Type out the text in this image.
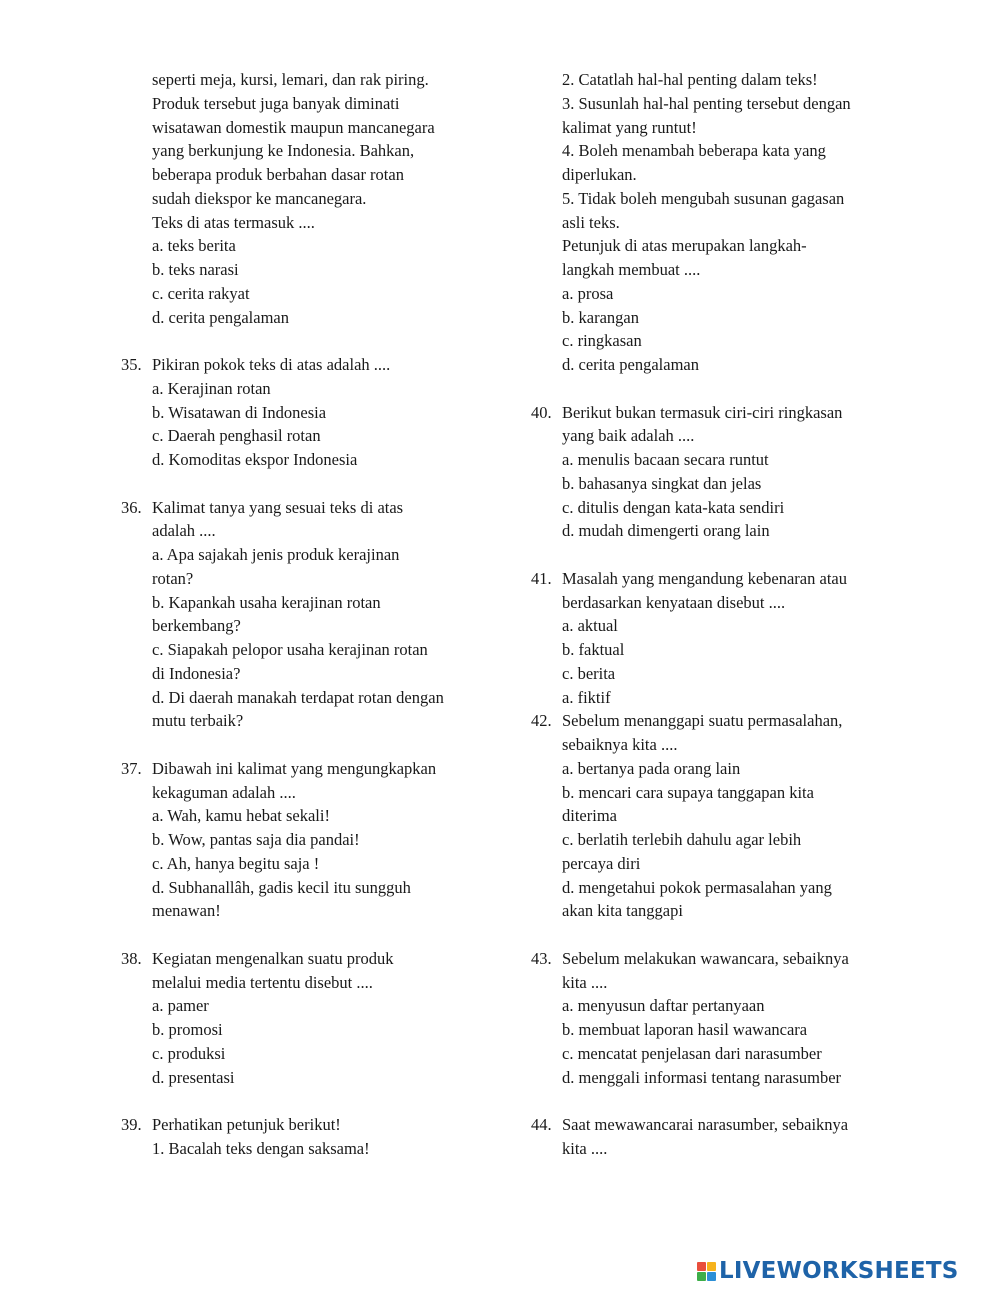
seperti meja, kursi, lemari, dan rak piring.
Produk tersebut juga banyak diminati
wisatawan domestik maupun mancanegara
yang berkunjung ke Indonesia. Bahkan,
beberapa produk berbahan dasar rotan
sudah diekspor ke mancanegara.
Teks di atas termasuk ....
a. teks berita
b. teks narasi
c. cerita rakyat
d. cerita pengalaman
35. Pikiran pokok teks di atas adalah ....
a. Kerajinan rotan
b. Wisatawan di Indonesia
c. Daerah penghasil rotan
d. Komoditas ekspor Indonesia
36. Kalimat tanya yang sesuai teks di atas
adalah ....
a. Apa sajakah jenis produk kerajinan
rotan?
b. Kapankah usaha kerajinan rotan
berkembang?
c. Siapakah pelopor usaha kerajinan rotan
di Indonesia?
d. Di daerah manakah terdapat rotan dengan
mutu terbaik?
37. Dibawah ini kalimat yang mengungkapkan
kekaguman adalah ....
a. Wah, kamu hebat sekali!
b. Wow, pantas saja dia pandai!
c. Ah, hanya begitu saja !
d. Subhanallâh, gadis kecil itu sungguh
menawan!
38. Kegiatan mengenalkan suatu produk
melalui media tertentu disebut ....
a. pamer
b. promosi
c. produksi
d. presentasi
39. Perhatikan petunjuk berikut!
1. Bacalah teks dengan saksama!
2. Catatlah hal-hal penting dalam teks!
3. Susunlah hal-hal penting tersebut dengan
kalimat yang runtut!
4. Boleh menambah beberapa kata yang
diperlukan.
5. Tidak boleh mengubah susunan gagasan
asli teks.
Petunjuk di atas merupakan langkah-
langkah membuat ....
a. prosa
b. karangan
c. ringkasan
d. cerita pengalaman
40. Berikut bukan termasuk ciri-ciri ringkasan
yang baik adalah ....
a. menulis bacaan secara runtut
b. bahasanya singkat dan jelas
c. ditulis dengan kata-kata sendiri
d. mudah dimengerti orang lain
41. Masalah yang mengandung kebenaran atau
berdasarkan kenyataan disebut ....
a. aktual
b. faktual
c. berita
a. fiktif
42. Sebelum menanggapi suatu permasalahan,
sebaiknya kita ....
a. bertanya pada orang lain
b. mencari cara supaya tanggapan kita
diterima
c. berlatih terlebih dahulu agar lebih
percaya diri
d. mengetahui pokok permasalahan yang
akan kita tanggapi
43. Sebelum melakukan wawancara, sebaiknya
kita ....
a. menyusun daftar pertanyaan
b. membuat laporan hasil wawancara
c. mencatat penjelasan dari narasumber
d. menggali informasi tentang narasumber
44. Saat mewawancarai narasumber, sebaiknya
kita ....
LIVEWORKSHEETS
